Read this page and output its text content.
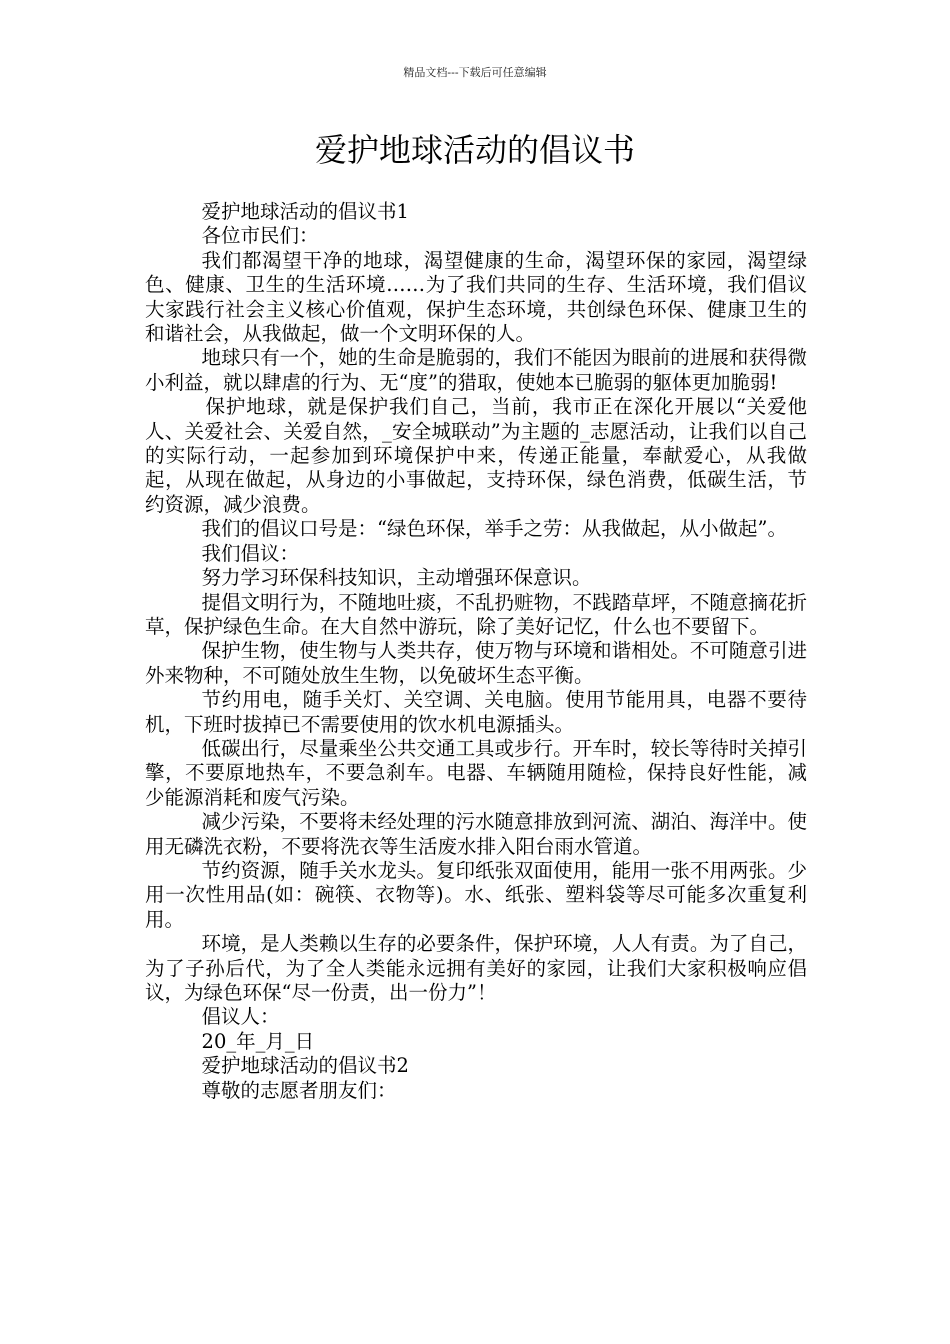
精品文档---下载后可任意编辑
爱护地球活动的倡议书

爱护地球活动的倡议书1

各位市民们：

我们都渴望干净的地球，渴望健康的生命，渴望环保的家园，渴望绿色、健康、卫生的生活环境……为了我们共同的生存、生活环境，我们倡议大家践行社会主义核心价值观，保护生态环境，共创绿色环保、健康卫生的和谐社会，从我做起，做一个文明环保的人。

地球只有一个，她的生命是脆弱的，我们不能因为眼前的进展和获得微小利益，就以肆虐的行为、无“度”的猎取，使她本已脆弱的躯体更加脆弱!

保护地球，就是保护我们自己，当前，我市正在深化开展以“关爱他人、关爱社会、关爱自然，_安全城联动”为主题的_志愿活动，让我们以自己的实际行动，一起参加到环境保护中来，传递正能量，奉献爱心，从我做起，从现在做起，从身边的小事做起，支持环保，绿色消费，低碳生活，节约资源，减少浪费。

我们的倡议口号是：“绿色环保，举手之劳：从我做起，从小做起”。

我们倡议：

努力学习环保科技知识，主动增强环保意识。

提倡文明行为，不随地吐痰，不乱扔赃物，不践踏草坪，不随意摘花折草，保护绿色生命。在大自然中游玩，除了美好记忆，什么也不要留下。

保护生物，使生物与人类共存，使万物与环境和谐相处。不可随意引进外来物种，不可随处放生生物，以免破坏生态平衡。

节约用电，随手关灯、关空调、关电脑。使用节能用具，电器不要待机，下班时拔掉已不需要使用的饮水机电源插头。

低碳出行，尽量乘坐公共交通工具或步行。开车时，较长等待时关掉引擎，不要原地热车，不要急刹车。电器、车辆随用随检，保持良好性能，减少能源消耗和废气污染。

减少污染，不要将未经处理的污水随意排放到河流、湖泊、海洋中。使用无磷洗衣粉，不要将洗衣等生活废水排入阳台雨水管道。

节约资源，随手关水龙头。复印纸张双面使用，能用一张不用两张。少用一次性用品(如：碗筷、衣物等)。水、纸张、塑料袋等尽可能多次重复利用。

环境，是人类赖以生存的必要条件，保护环境，人人有责。为了自己，为了子孙后代，为了全人类能永远拥有美好的家园，让我们大家积极响应倡议，为绿色环保“尽一份责，出一份力”！

倡议人：

20_年_月_日

爱护地球活动的倡议书2

尊敬的志愿者朋友们：
